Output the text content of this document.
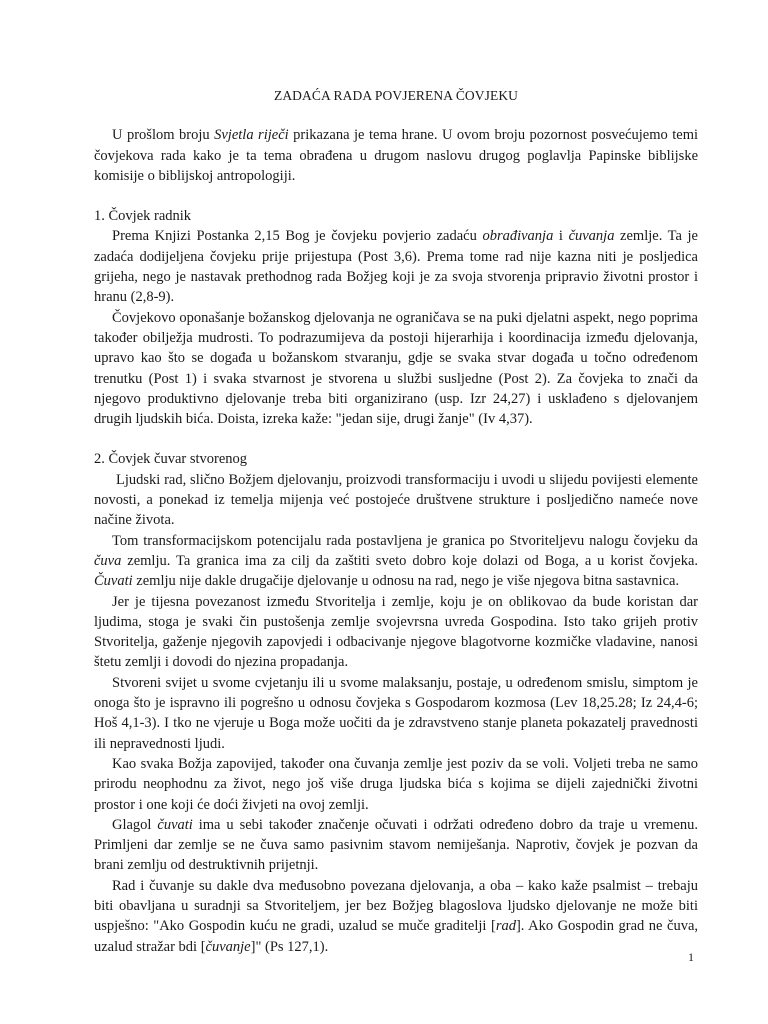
ZADAĆA RADA POVJERENA ČOVJEKU

U prošlom broju Svjetla riječi prikazana je tema hrane. U ovom broju pozornost posvećujemo temi čovjekova rada kako je ta tema obrađena u drugom naslovu drugog poglavlja Papinske biblijske komisije o biblijskoj antropologiji.

1. Čovjek radnik

Prema Knjizi Postanka 2,15 Bog je čovjeku povjerio zadaću obrađivanja i čuvanja zemlje. Ta je zadaća dodijeljena čovjeku prije prijestupa (Post 3,6). Prema tome rad nije kazna niti je posljedica grijeha, nego je nastavak prethodnog rada Božjeg koji je za svoja stvorenja pripravio životni prostor i hranu (2,8-9).

Čovjekovo oponašanje božanskog djelovanja ne ograničava se na puki djelatni aspekt, nego poprima također obilježja mudrosti. To podrazumijeva da postoji hijerarhija i koordinacija između djelovanja, upravo kao što se događa u božanskom stvaranju, gdje se svaka stvar događa u točno određenom trenutku (Post 1) i svaka stvarnost je stvorena u službi susljedne (Post 2). Za čovjeka to znači da njegovo produktivno djelovanje treba biti organizirano (usp. Izr 24,27) i usklađeno s djelovanjem drugih ljudskih bića. Doista, izreka kaže: "jedan sije, drugi žanje" (Iv 4,37).

2. Čovjek čuvar stvorenog

Ljudski rad, slično Božjem djelovanju, proizvodi transformaciju i uvodi u slijedu povijesti elemente novosti, a ponekad iz temelja mijenja već postojeće društvene strukture i posljedično nameće nove načine života.

Tom transformacijskom potencijalu rada postavljena je granica po Stvoriteljevu nalogu čovjeku da čuva zemlju. Ta granica ima za cilj da zaštiti sveto dobro koje dolazi od Boga, a u korist čovjeka. Čuvati zemlju nije dakle drugačije djelovanje u odnosu na rad, nego je više njegova bitna sastavnica.

Jer je tijesna povezanost između Stvoritelja i zemlje, koju je on oblikovao da bude koristan dar ljudima, stoga je svaki čin pustošenja zemlje svojevrsna uvreda Gospodina. Isto tako grijeh protiv Stvoritelja, gaženje njegovih zapovjedi i odbacivanje njegove blagotvorne kozmičke vladavine, nanosi štetu zemlji i dovodi do njezina propadanja.

Stvoreni svijet u svome cvjetanju ili u svome malaksanju, postaje, u određenom smislu, simptom je onoga što je ispravno ili pogrešno u odnosu čovjeka s Gospodarom kozmosa (Lev 18,25.28; Iz 24,4-6; Hoš 4,1-3). I tko ne vjeruje u Boga može uočiti da je zdravstveno stanje planeta pokazatelj pravednosti ili nepravednosti ljudi.

Kao svaka Božja zapovijed, također ona čuvanja zemlje jest poziv da se voli. Voljeti treba ne samo prirodu neophodnu za život, nego još više druga ljudska bića s kojima se dijeli zajednički životni prostor i one koji će doći živjeti na ovoj zemlji.

Glagol čuvati ima u sebi također značenje očuvati i održati određeno dobro da traje u vremenu. Primljeni dar zemlje se ne čuva samo pasivnim stavom nemiješanja. Naprotiv, čovjek je pozvan da brani zemlju od destruktivnih prijetnji.

Rad i čuvanje su dakle dva međusobno povezana djelovanja, a oba – kako kaže psalmist – trebaju biti obavljana u suradnji sa Stvoriteljem, jer bez Božjeg blagoslova ljudsko djelovanje ne može biti uspješno: "Ako Gospodin kuću ne gradi, uzalud se muče graditelji [rad]. Ako Gospodin grad ne čuva, uzalud stražar bdi [čuvanje]" (Ps 127,1).

1
